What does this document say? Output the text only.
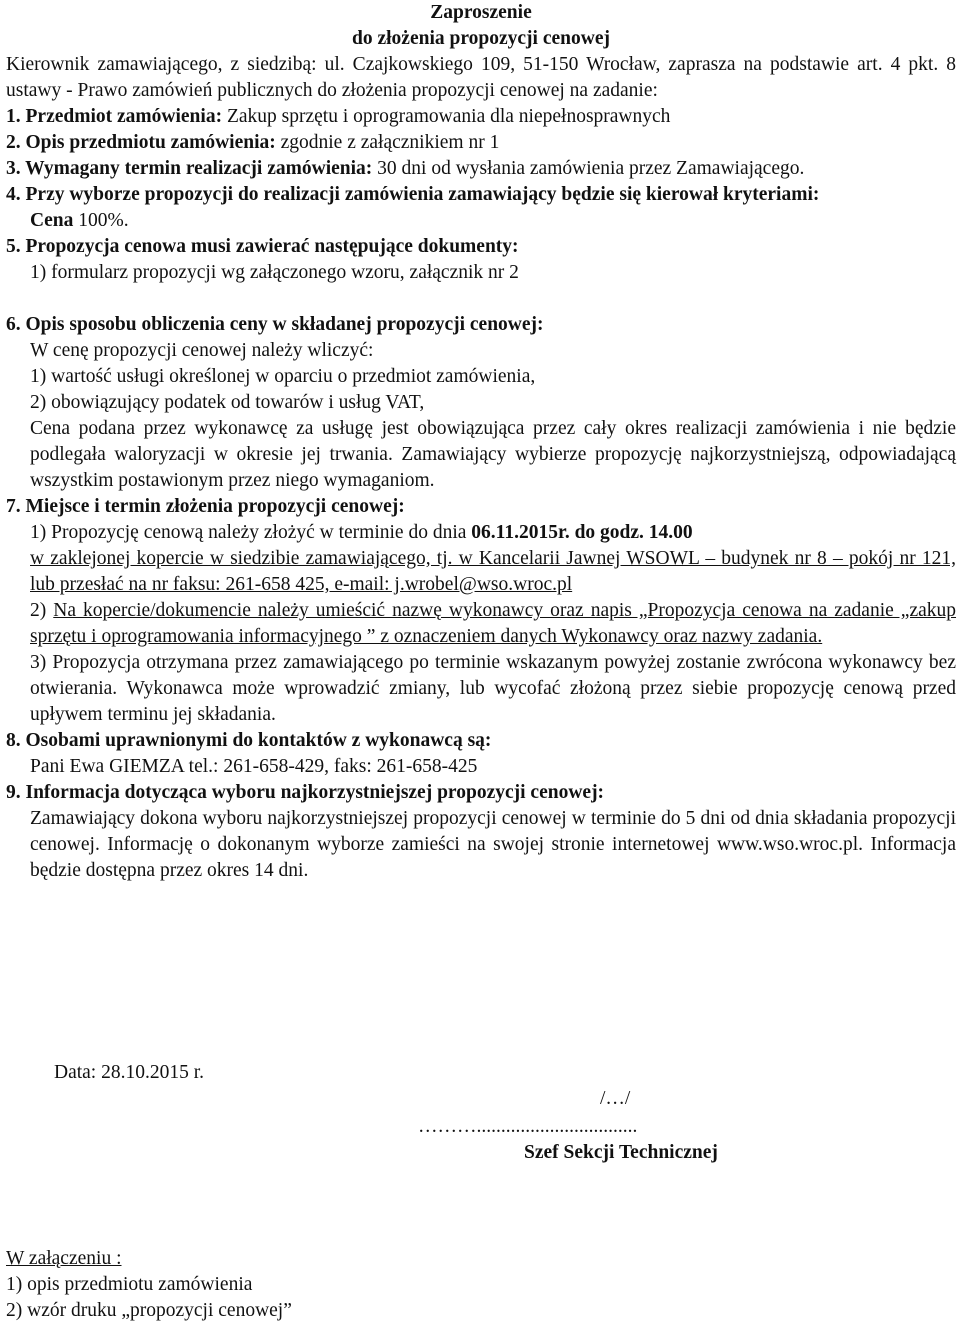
Zaproszenie

do złożenia propozycji cenowej

Kierownik zamawiającego, z siedzibą: ul. Czajkowskiego 109, 51-150 Wrocław, zaprasza na podstawie art. 4 pkt. 8 ustawy - Prawo zamówień publicznych do złożenia propozycji cenowej na zadanie:

1. Przedmiot zamówienia: Zakup sprzętu i oprogramowania dla niepełnosprawnych

2. Opis przedmiotu zamówienia: zgodnie z załącznikiem nr 1

3. Wymagany termin realizacji zamówienia: 30 dni od wysłania zamówienia przez Zamawiającego.

4. Przy wyborze propozycji do realizacji zamówienia zamawiający będzie się kierował kryteriami:

Cena 100%.

5. Propozycja cenowa musi zawierać następujące dokumenty:

1) formularz propozycji wg załączonego wzoru, załącznik nr 2

6. Opis sposobu obliczenia ceny w składanej propozycji cenowej:

W cenę propozycji cenowej należy wliczyć:

1) wartość usługi określonej w oparciu o przedmiot zamówienia,

2) obowiązujący podatek od towarów i usług VAT,

Cena podana przez wykonawcę za usługę jest obowiązująca przez cały okres realizacji zamówienia i nie będzie podlegała waloryzacji w okresie jej trwania. Zamawiający wybierze propozycję najkorzystniejszą, odpowiadającą wszystkim postawionym przez niego wymaganiom.

7. Miejsce i termin złożenia propozycji cenowej:

1) Propozycję cenową należy złożyć w terminie do dnia 06.11.2015r. do godz. 14.00

w zaklejonej kopercie w siedzibie zamawiającego, tj. w Kancelarii Jawnej WSOWL – budynek nr 8 – pokój nr 121, lub przesłać na nr faksu: 261-658 425, e-mail: j.wrobel@wso.wroc.pl

2) Na kopercie/dokumencie należy umieścić nazwę wykonawcy oraz napis „Propozycja cenowa na zadanie „zakup sprzętu i oprogramowania informacyjnego ” z oznaczeniem danych Wykonawcy oraz nazwy zadania.

3) Propozycja otrzymana przez zamawiającego po terminie wskazanym powyżej zostanie zwrócona wykonawcy bez otwierania. Wykonawca może wprowadzić zmiany, lub wycofać złożoną przez siebie propozycję cenową przed upływem terminu jej składania.

8. Osobami uprawnionymi do kontaktów z wykonawcą są:

Pani Ewa GIEMZA tel.: 261-658-429, faks: 261-658-425

9. Informacja dotycząca wyboru najkorzystniejszej propozycji cenowej:

Zamawiający dokona wyboru najkorzystniejszej propozycji cenowej w terminie do 5 dni od dnia składania propozycji cenowej. Informację o dokonanym wyborze zamieści na swojej stronie internetowej www.wso.wroc.pl. Informacja będzie dostępna przez okres 14 dni.

Data: 28.10.2015 r.
/…/
……….................................
Szef Sekcji Technicznej

W załączeniu :

1) opis przedmiotu zamówienia

2) wzór druku „propozycji cenowej”
